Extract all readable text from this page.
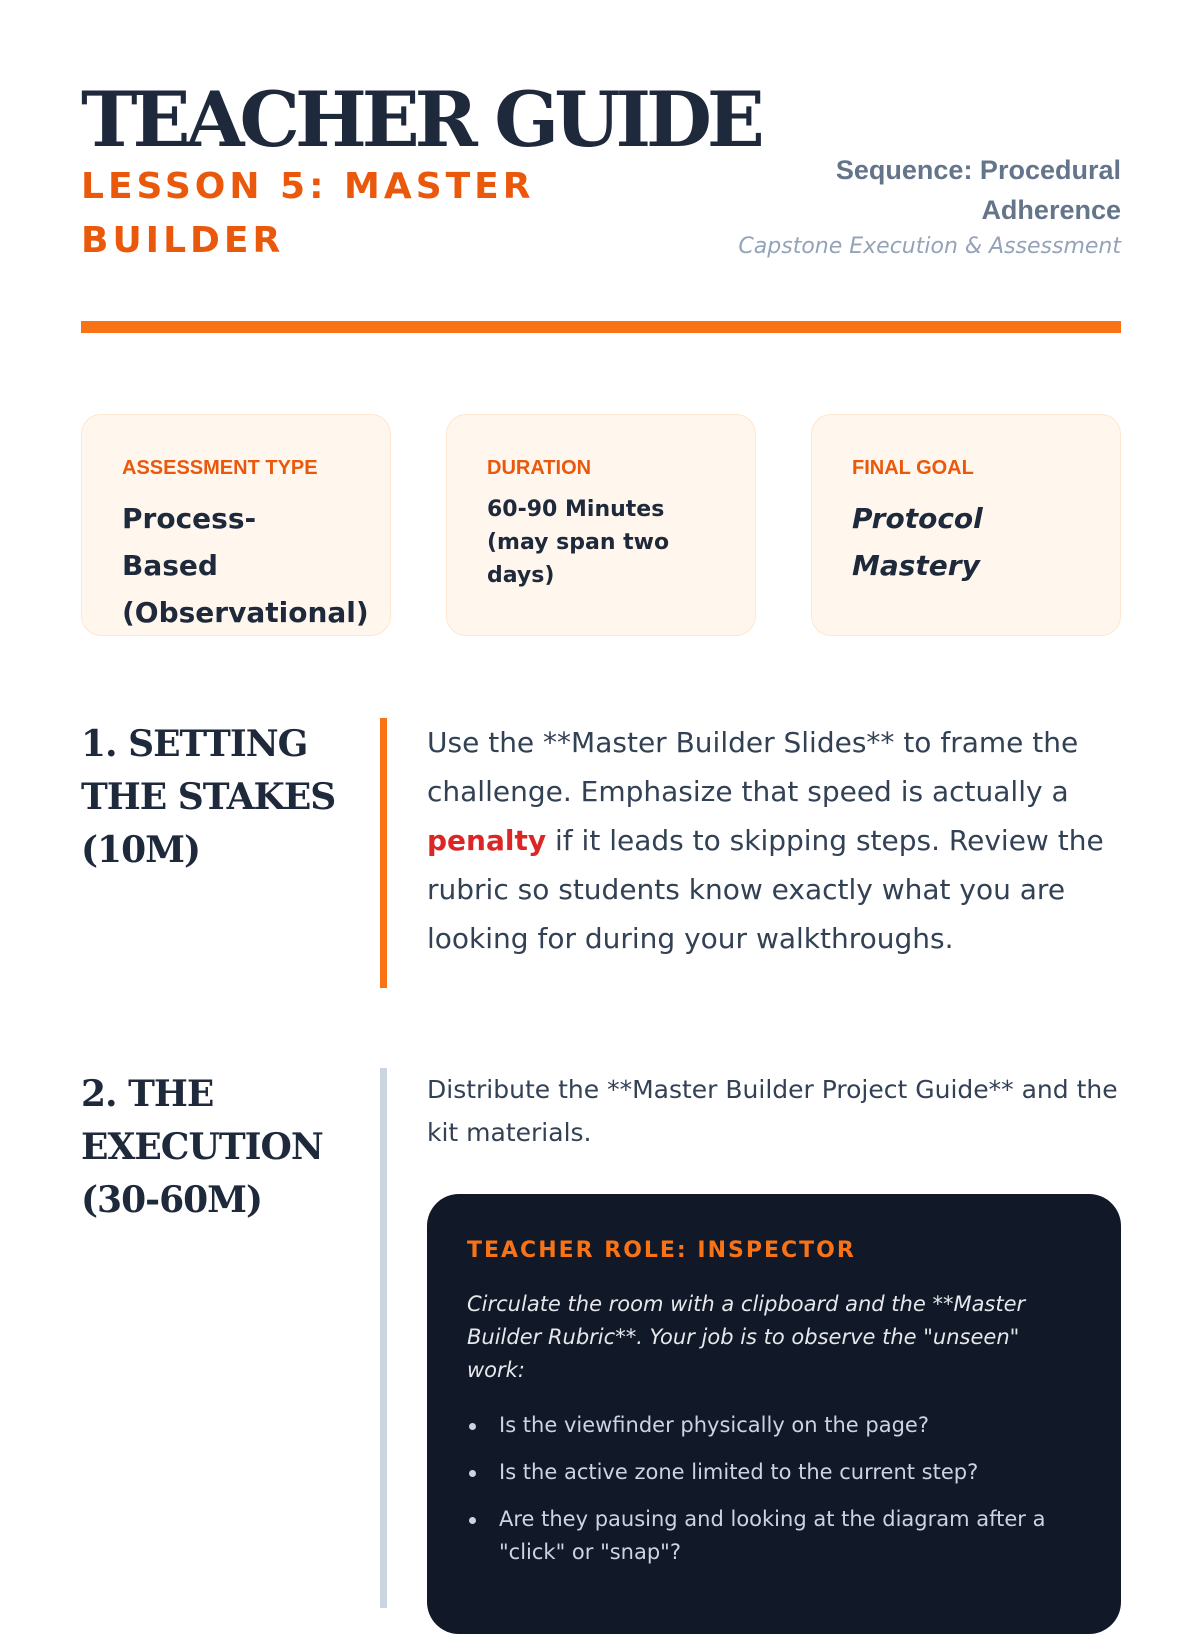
TEACHER GUIDE
LESSON 5: MASTER BUILDER
Sequence: Procedural Adherence
Capstone Execution & Assessment
ASSESSMENT TYPE
Process-Based (Observational)
DURATION
60-90 Minutes (may span two days)
FINAL GOAL
Protocol Mastery
1. SETTING THE STAKES (10M)
Use the **Master Builder Slides** to frame the challenge. Emphasize that speed is actually a penalty if it leads to skipping steps. Review the rubric so students know exactly what you are looking for during your walkthroughs.
2. THE EXECUTION (30-60M)
Distribute the **Master Builder Project Guide** and the kit materials.
TEACHER ROLE: INSPECTOR
Circulate the room with a clipboard and the **Master Builder Rubric**. Your job is to observe the "unseen" work:
Is the viewfinder physically on the page?
Is the active zone limited to the current step?
Are they pausing and looking at the diagram after a "click" or "snap"?
